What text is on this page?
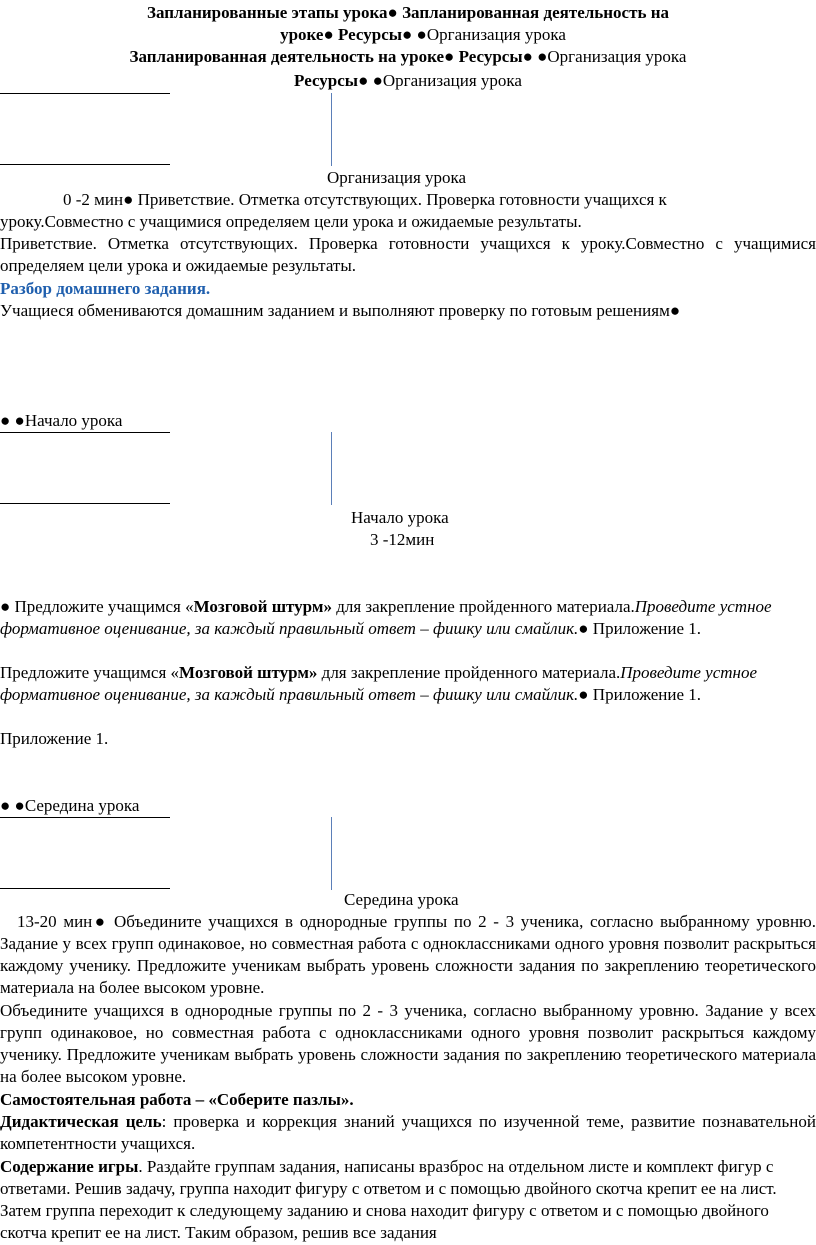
Запланированные этапы урока● Запланированная деятельность на
уроке● Ресурсы● ●Организация урока
Запланированная деятельность на уроке● Ресурсы● ●Организация урока
Ресурсы● ●Организация урока
Организация урока
0 -2 мин● Приветствие. Отметка отсутствующих. Проверка готовности учащихся к
уроку.Совместно с учащимися определяем цели урока и ожидаемые результаты.
Приветствие. Отметка отсутствующих. Проверка готовности учащихся к уроку.Совместно с учащимися определяем цели урока и ожидаемые результаты.
Разбор домашнего задания.
Учащиеся обмениваются домашним заданием и выполняют проверку по готовым решениям●
● ●Начало урока
Начало урока
3 -12мин
● Предложите учащимся «Мозговой штурм» для закрепление пройденного материала.Проведите устное формативное оценивание, за каждый правильный ответ – фишку или смайлик.● Приложение 1.
Предложите учащимся «Мозговой штурм» для закрепление пройденного материала.Проведите устное формативное оценивание, за каждый правильный ответ – фишку или смайлик.● Приложение 1.
Приложение 1.
● ●Середина урока
Середина урока
13-20 мин● Объедините учащихся в однородные группы по 2 - 3 ученика, согласно выбранному уровню. Задание у всех групп одинаковое, но совместная работа с одноклассниками одного уровня позволит раскрыться каждому ученику. Предложите ученикам выбрать уровень сложности задания по закреплению теоретического материала на более высоком уровне.
Объедините учащихся в однородные группы по 2 - 3 ученика, согласно выбранному уровню. Задание у всех групп одинаковое, но совместная работа с одноклассниками одного уровня позволит раскрыться каждому ученику. Предложите ученикам выбрать уровень сложности задания по закреплению теоретического материала на более высоком уровне.
Самостоятельная работа – «Соберите пазлы».
Дидактическая цель: проверка и коррекция знаний учащихся по изученной теме, развитие познавательной компетентности учащихся.
Содержание игры. Раздайте группам задания, написаны вразброс на отдельном листе и комплект фигур с ответами. Решив задачу, группа находит фигуру с ответом и с помощью двойного скотча крепит ее на лист. Затем группа переходит к следующему заданию и снова находит фигуру с ответом и с помощью двойного скотча крепит ее на лист. Таким образом, решив все задания
